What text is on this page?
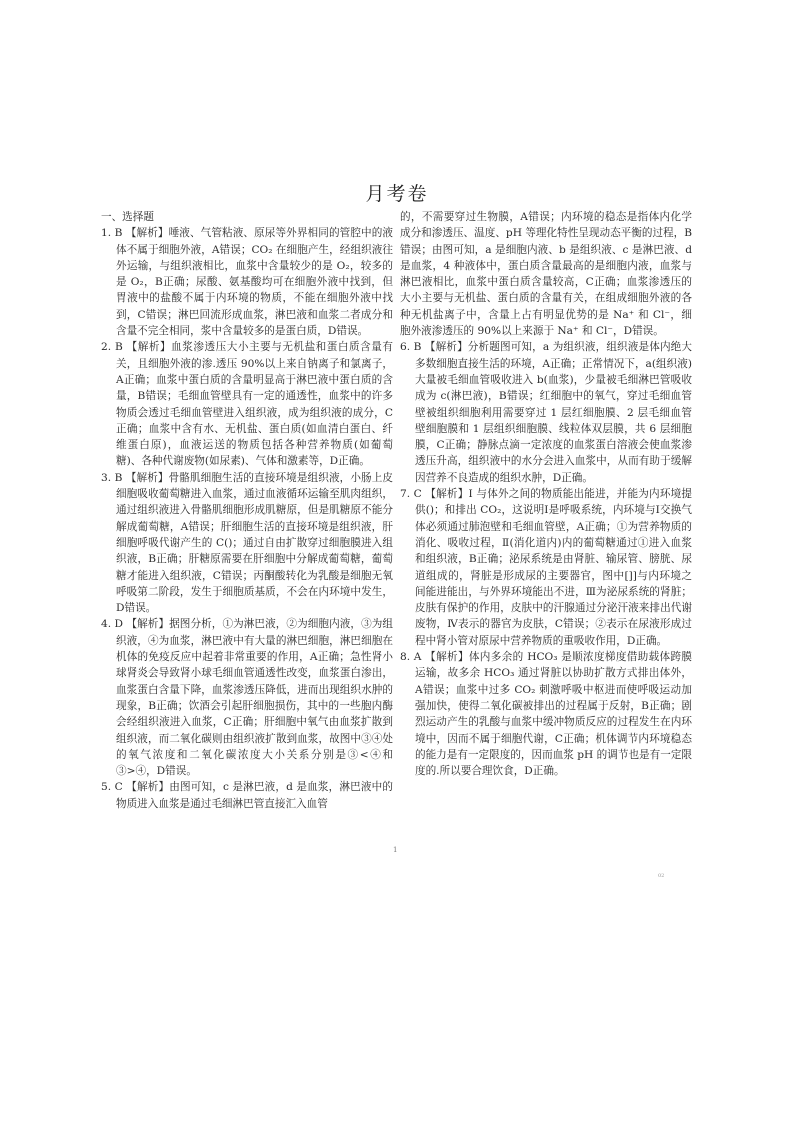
月考卷

一、选择题

1. B 【解析】唾液、气管粘液、原尿等外界相同的管腔中的液体不属于细胞外液，A错误；CO₂ 在细胞产生，经组织液往外运输，与组织液相比，血浆中含量较少的是 O₂，较多的是 O₂，B正确；尿酸、氨基酸均可在细胞外液中找到，但胃液中的盐酸不属于内环境的物质，不能在细胞外液中找到，C错误；淋巴回流形成血浆，淋巴液和血浆二者成分和含量不完全相同，浆中含量较多的是蛋白质，D错误。

2. B 【解析】血浆渗透压大小主要与无机盐和蛋白质含量有关，且细胞外液的渗.透压 90%以上来自钠离子和氯离子，A正确；血浆中蛋白质的含量明显高于淋巴液中蛋白质的含量，B错误；毛细血管壁具有一定的通透性，血浆中的许多物质会透过毛细血管壁进入组织液，成为组织液的成分，C正确；血浆中含有水、无机盐、蛋白质(如血清白蛋白、纤维蛋白原)，血液运送的物质包括各种营养物质(如葡萄糖)、各种代谢废物(如尿素)、气体和激素等，D正确。

3. B 【解析】骨骼肌细胞生活的直接环境是组织液，小肠上皮细胞吸收葡萄糖进入血浆，通过血液循环运输至肌肉组织，通过组织液进入骨骼肌细胞形成肌糖原，但是肌糖原不能分解成葡萄糖，A错误；肝细胞生活的直接环境是组织液，肝细胞呼吸代谢产生的 C()；通过自由扩散穿过细胞膜进入组织液，B正确；肝糖原需要在肝细胞中分解成葡萄糖，葡萄糖才能进入组织液，C错误；丙酮酸转化为乳酸是细胞无氧呼吸第二阶段，发生于细胞质基质，不会在内环境中发生，D错误。

4. D 【解析】据图分析，①为淋巴液，②为细胞内液，③为组织液，④为血浆，淋巴液中有大量的淋巴细胞，淋巴细胞在机体的免疫反应中起着非常重要的作用，A正确；急性肾小球肾炎会导致肾小球毛细血管通透性改变，血浆蛋白渗出，血浆蛋白含量下降，血浆渗透压降低，进而出现组织水肿的现象，B正确；饮酒会引起肝细胞损伤，其中的一些胞内酶会经组织液进入血浆，C正确；肝细胞中氧气由血浆扩散到组织液，而二氧化碳则由组织液扩散到血浆，故图中③④处的氧气浓度和二氧化碳浓度大小关系分别是③<④和③>④，D错误。

5. C 【解析】由图可知，c 是淋巴液，d 是血浆，淋巴液中的物质进入血浆是通过毛细淋巴管直接汇入血管

的，不需要穿过生物膜，A错误；内环境的稳态是指体内化学成分和渗透压、温度、pH 等理化特性呈现动态平衡的过程，B错误；由图可知，a 是细胞内液、b 是组织液、c 是淋巴液、d 是血浆，4 种液体中，蛋白质含量最高的是细胞内液，血浆与淋巴液相比，血浆中蛋白质含量较高，C正确；血浆渗透压的大小主要与无机盐、蛋白质的含量有关，在组成细胞外液的各种无机盐离子中，含量上占有明显优势的是 Na⁺ 和 Cl⁻，细胞外液渗透压的 90%以上来源于 Na⁺ 和 Cl⁻，D错误。

6. B 【解析】分析题图可知，a 为组织液，组织液是体内绝大多数细胞直接生活的环境，A正确；正常情况下，a(组织液)大量被毛细血管吸收进入 b(血浆)，少量被毛细淋巴管吸收成为 c(淋巴液)，B错误；红细胞中的氧气，穿过毛细血管壁被组织细胞利用需要穿过 1 层红细胞膜、2 层毛细血管壁细胞膜和 1 层组织细胞膜、线粒体双层膜，共 6 层细胞膜，C正确；静脉点滴一定浓度的血浆蛋白溶液会使血浆渗透压升高，组织液中的水分会进入血浆中，从而有助于缓解因营养不良造成的组织水肿，D正确。

7. C 【解析】Ⅰ 与体外之间的物质能出能进，并能为内环境提供()；和排出 CO₂，这说明Ⅰ是呼吸系统，内环境与Ⅰ交换气体必须通过肺泡壁和毛细血管壁，A正确；①为营养物质的消化、吸收过程，Ⅱ(消化道内)内的葡萄糖通过①进入血浆和组织液，B正确；泌尿系统是由肾脏、输尿管、膀胱、尿道组成的，肾脏是形成尿的主要器官，图中[]]与内环境之间能进能出，与外界环境能出不进，Ⅲ为泌尿系统的肾脏；皮肤有保护的作用，皮肤中的汗腺通过分泌汗液来排出代谢废物，Ⅳ表示的器官为皮肤，C错误；②表示在尿液形成过程中肾小管对原尿中营养物质的重吸收作用，D正确。

8. A 【解析】体内多余的 HCO₃ 是顺浓度梯度借助载体跨膜运输，故多余 HCO₃ 通过肾脏以协助扩散方式排出体外，A错误；血浆中过多 CO₂ 刺激呼吸中枢进而使呼吸运动加强加快，使得二氧化碳被排出的过程属于反射，B正确；剧烈运动产生的乳酸与血浆中缓冲物质反应的过程发生在内环境中，因而不属于细胞代谢，C正确；机体调节内环境稳态的能力是有一定限度的，因而血浆 pH 的调节也是有一定限度的.所以要合理饮食，D正确。

1
02
